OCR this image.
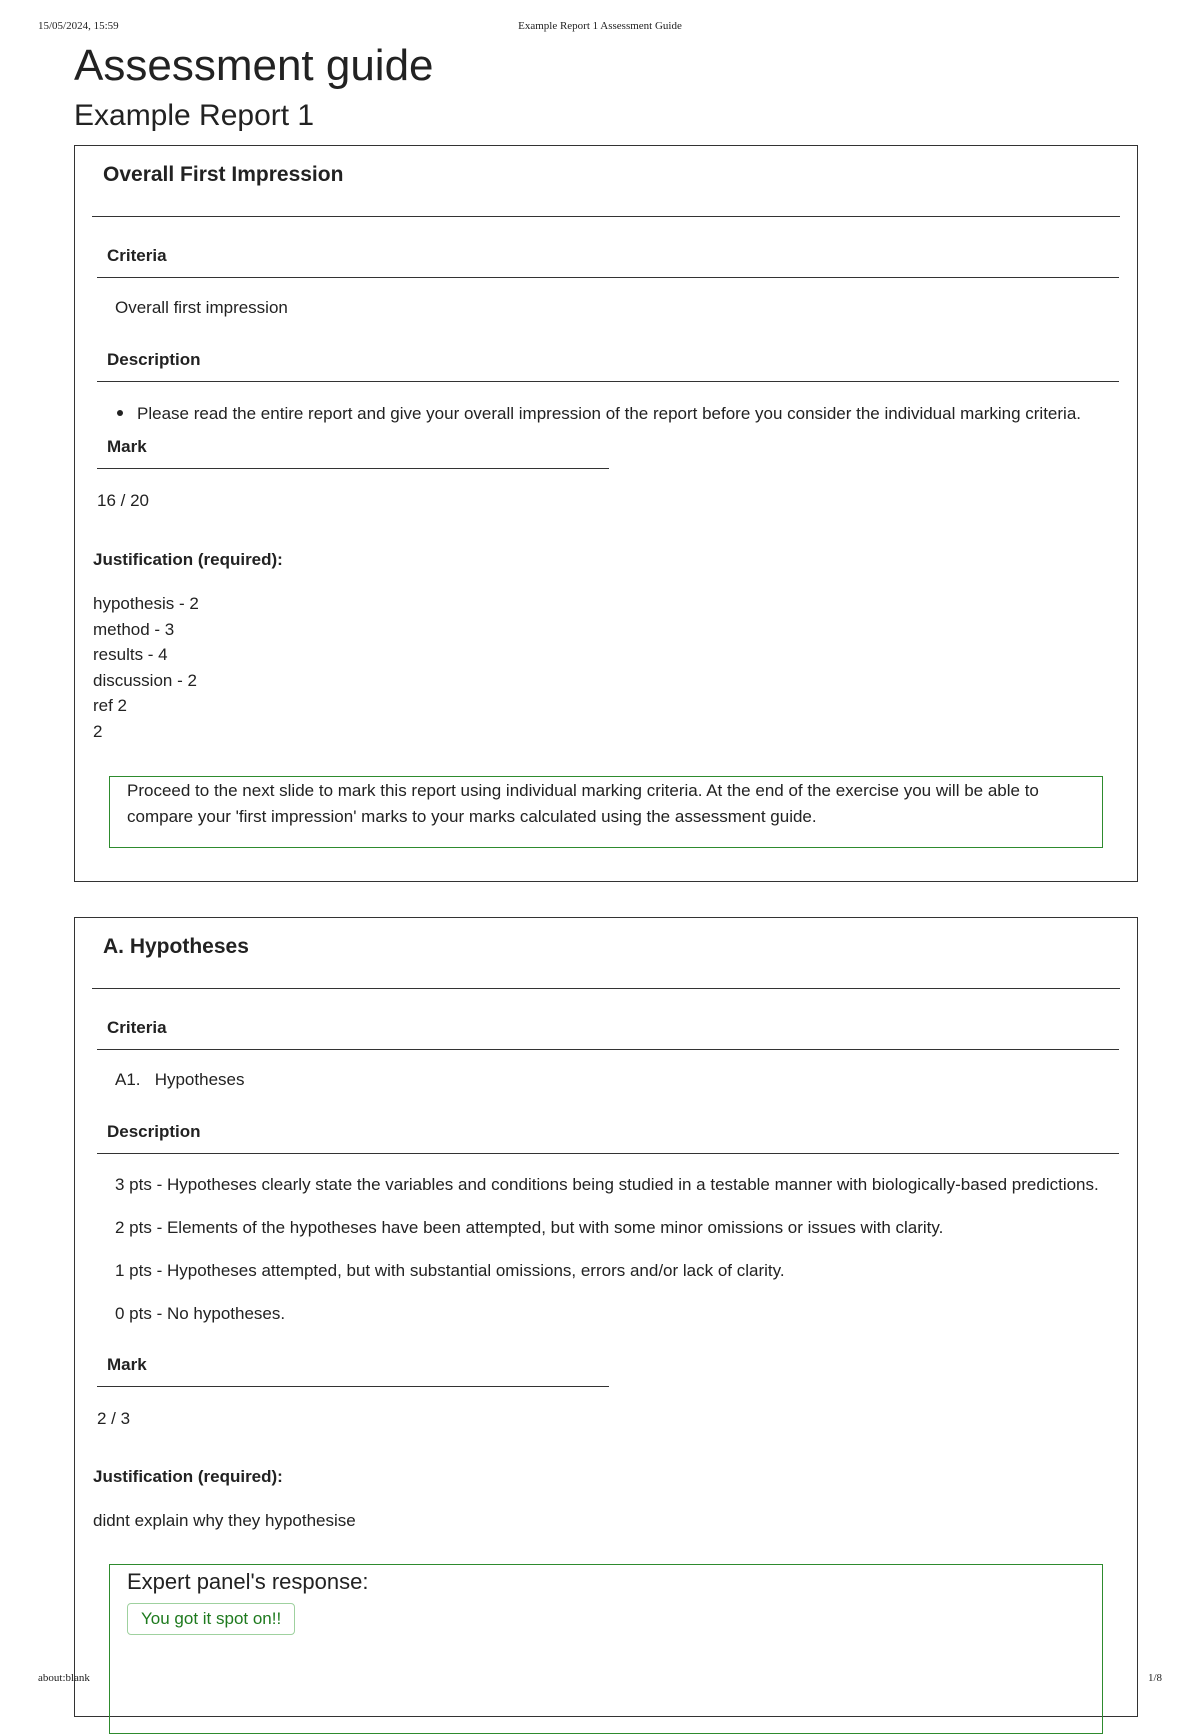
15/05/2024, 15:59	Example Report 1 Assessment Guide
Assessment guide
Example Report 1
Overall First Impression
Criteria
Overall first impression
Description
Please read the entire report and give your overall impression of the report before you consider the individual marking criteria.
Mark
16 / 20
Justification (required):
hypothesis - 2
method - 3
results - 4
discussion - 2
ref 2
2
Proceed to the next slide to mark this report using individual marking criteria. At the end of the exercise you will be able to compare your 'first impression' marks to your marks calculated using the assessment guide.
A. Hypotheses
Criteria
A1. Hypotheses
Description
3 pts - Hypotheses clearly state the variables and conditions being studied in a testable manner with biologically-based predictions.
2 pts - Elements of the hypotheses have been attempted, but with some minor omissions or issues with clarity.
1 pts - Hypotheses attempted, but with substantial omissions, errors and/or lack of clarity.
0 pts - No hypotheses.
Mark
2 / 3
Justification (required):
didnt explain why they hypothesise
Expert panel's response:
You got it spot on!!
about:blank	1/8
